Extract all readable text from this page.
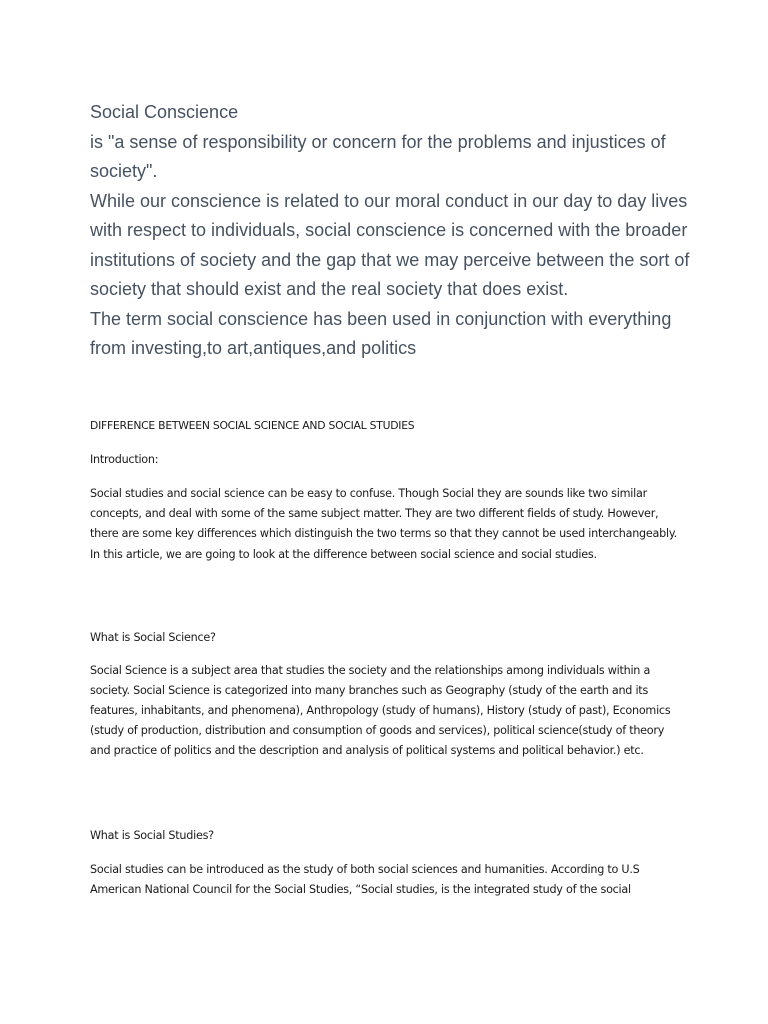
Social Conscience

is "a sense of responsibility or concern for the problems and injustices of society".

While our conscience is related to our moral conduct in our day to day lives with respect to individuals, social conscience is concerned with the broader institutions of society and the gap that we may perceive between the sort of society that should exist and the real society that does exist.

The term social conscience has been used in conjunction with everything from investing,to art,antiques,and politics

DIFFERENCE BETWEEN SOCIAL SCIENCE AND SOCIAL STUDIES

Introduction:

Social studies and social science can be easy to confuse. Though Social they are sounds like two similar concepts, and deal with some of the same subject matter. They are two different fields of study. However, there are some key differences which distinguish the two terms so that they cannot be used interchangeably. In this article, we are going to look at the difference between social science and social studies.

What is Social Science?

Social Science is a subject area that studies the society and the relationships among individuals within a society. Social Science is categorized into many branches such as Geography (study of the earth and its features, inhabitants, and phenomena), Anthropology (study of humans), History (study of past), Economics (study of production, distribution and consumption of goods and services), political science(study of theory and practice of politics and the description and analysis of political systems and political behavior.) etc.

What is Social Studies?

Social studies can be introduced as the study of both social sciences and humanities. According to U.S American National Council for the Social Studies, “Social studies, is the integrated study of the social
